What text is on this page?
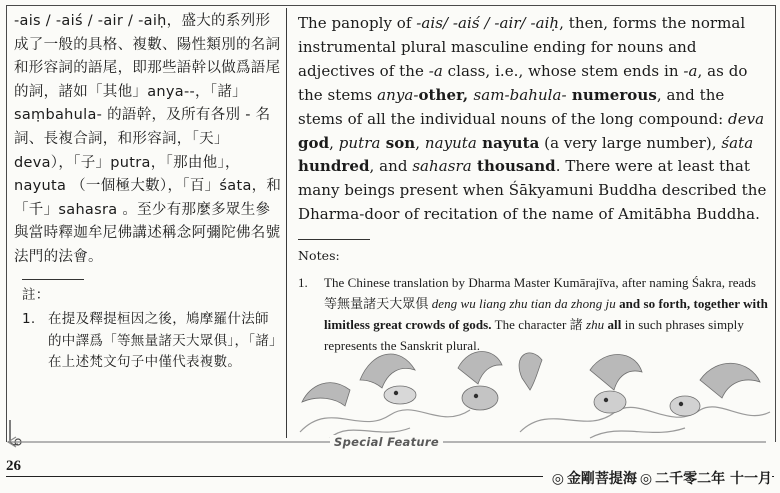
-ais / -aiś / -air / -aiḥ，盛大的系列形成了一般的具格、複數、陽性類別的名詞和形容詞的語尾，即那些語幹以做爲語尾的詞，諸如「其他」anya--，「諸」saṃbahula- 的語幹，及所有各別 - 名詞、長複合詞，和形容詞，「天」deva），「子」putra，「那由他」，nayuta （一個極大數），「百」śata，和「千」sahasra 。至少有那麼多眾生參與當時釋迦牟尼佛講述稱念阿彌陀佛名號法門的法會。

註：
1. 在提及釋提桓因之後，鳩摩羅什法師的中譯爲「等無量諸天大眾俱」，「諸」在上述梵文句子中僅代表複數。

The panoply of -ais/ -aiś / -air/ -aiḥ, then, forms the normal instrumental plural masculine ending for nouns and adjectives of the -a class, i.e., whose stem ends in -a, as do the stems anya-other, sam-bahula- numerous, and the stems of all the individual nouns of the long compound: deva god, putra son, nayuta nayuta (a very large number), śata hundred, and sahasra thousand. There were at least that many beings present when Śākyamuni Buddha described the Dharma-door of recitation of the name of Amitābha Buddha.

Notes:
1.	The Chinese translation by Dharma Master Kumārajīva, after naming Śakra, reads 等無量諸天大眾俱 deng wu liang zhu tian da zhong ju and so forth, together with limitless great crowds of gods. The character 諸 zhu all in such phrases simply represents the Sanskrit plural.
Special Feature
26
◎ 金剛菩提海 ◎ 二千零二年 十一月
